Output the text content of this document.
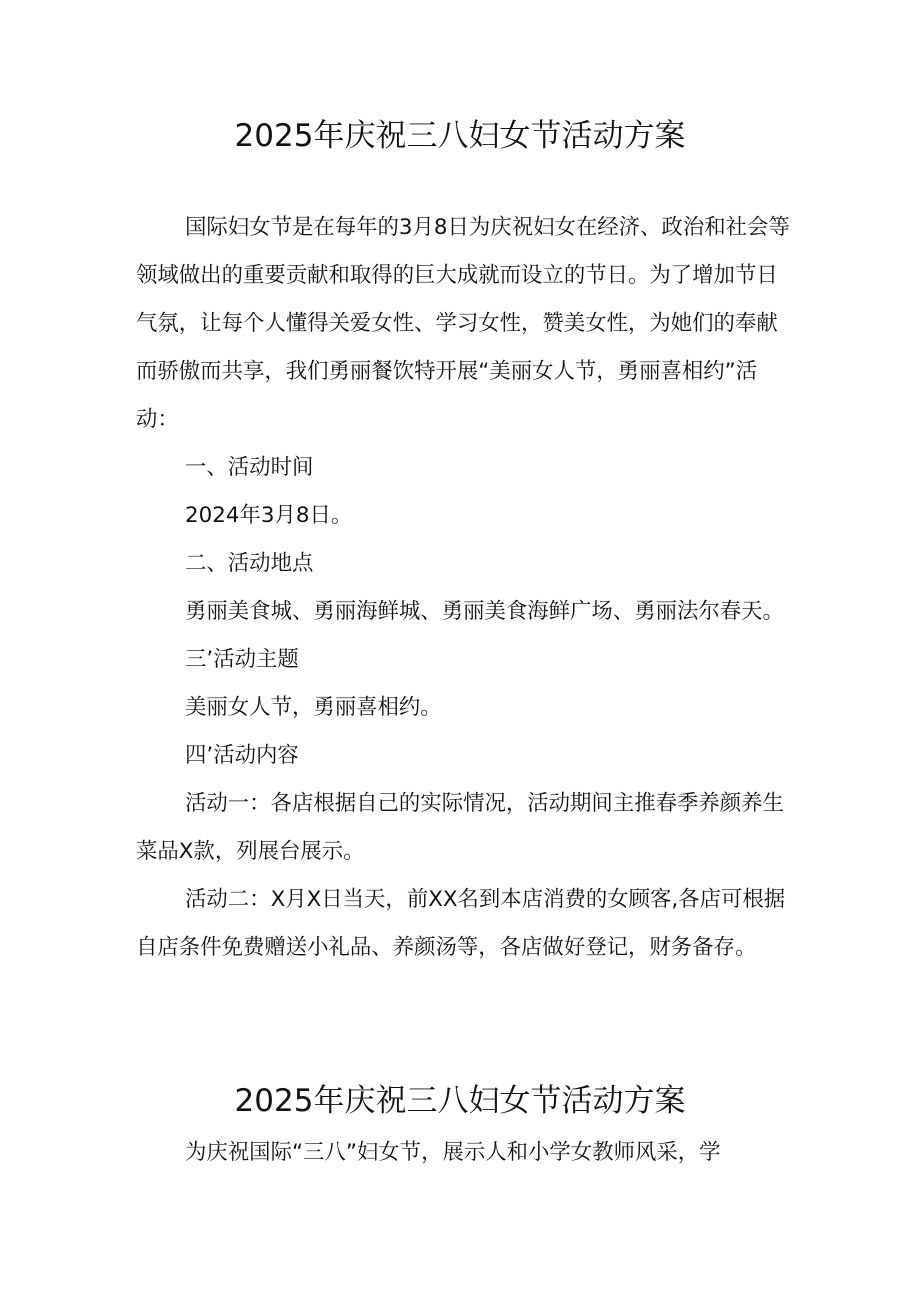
2025年庆祝三八妇女节活动方案

国际妇女节是在每年的3月8日为庆祝妇女在经济、政治和社会等领域做出的重要贡献和取得的巨大成就而设立的节日。为了增加节日气氛，让每个人懂得关爱女性、学习女性，赞美女性，为她们的奉献而骄傲而共享，我们勇丽餐饮特开展“美丽女人节，勇丽喜相约”活动：

一、活动时间

2024年3月8日。

二、活动地点

勇丽美食城、勇丽海鲜城、勇丽美食海鲜广场、勇丽法尔春天。

三’活动主题

美丽女人节，勇丽喜相约。

四’活动内容

活动一：各店根据自己的实际情况，活动期间主推春季养颜养生菜品X款，列展台展示。

活动二：X月X日当天，前XX名到本店消费的女顾客,各店可根据自店条件免费赠送小礼品、养颜汤等，各店做好登记，财务备存。

2025年庆祝三八妇女节活动方案

为庆祝国际“三八”妇女节，展示人和小学女教师风采，学
